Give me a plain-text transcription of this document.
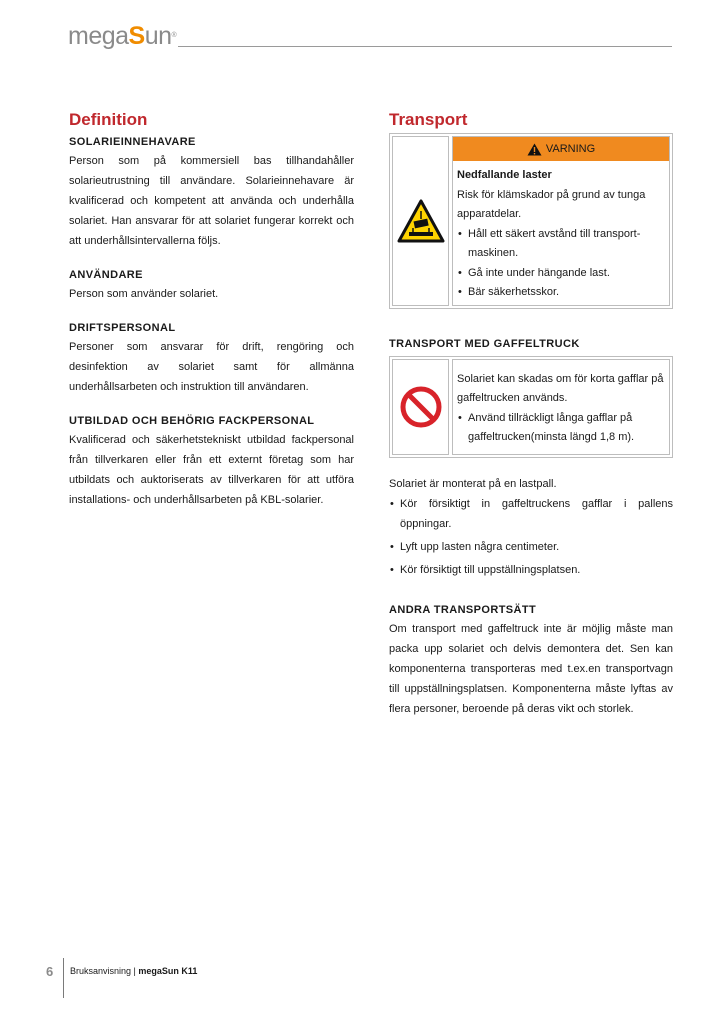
megaSun®
Definition
SOLARIEINNEHAVARE

Person som på kommersiell bas tillhandahåller solarieutrustning till användare. Solarieinnehavare är kvalificerad och kompetent att använda och underhålla solariet. Han ansvarar för att solariet fungerar korrekt och att underhållsintervallerna följs.

ANVÄNDARE

Person som använder solariet.

DRIFTSPERSONAL

Personer som ansvarar för drift, rengöring och desinfektion av solariet samt för allmänna underhållsarbeten och instruktion till användaren.

UTBILDAD OCH BEHÖRIG FACKPERSONAL

Kvalificerad och säkerhetstekniskt utbildad fackpersonal från tillverkaren eller från ett externt företag som har utbildats och auktoriserats av tillverkaren för att utföra installations- och underhållsarbeten på KBL-solarier.

Transport
VARNING
Nedfallande laster
Risk för klämskador på grund av tunga apparatdelar.
• Håll ett säkert avstånd till transport-maskinen.
• Gå inte under hängande last.
• Bär säkerhetsskor.
TRANSPORT MED GAFFELTRUCK
Solariet kan skadas om för korta gafflar på gaffeltrucken används.
• Använd tillräckligt långa gafflar på gaffeltrucken(minsta längd 1,8 m).

Solariet är monterat på en lastpall.

• Kör försiktigt in gaffeltruckens gafflar i pallens öppningar.
• Lyft upp lasten några centimeter.
• Kör försiktigt till uppställningsplatsen.
ANDRA TRANSPORTSÄTT

Om transport med gaffeltruck inte är möjlig måste man packa upp solariet och delvis demontera det. Sen kan komponenterna transporteras med t.ex.en transportvagn till uppställningsplatsen. Komponenterna måste lyftas av flera personer, beroende på deras vikt och storlek.

6 Bruksanvisning | megaSun K11
